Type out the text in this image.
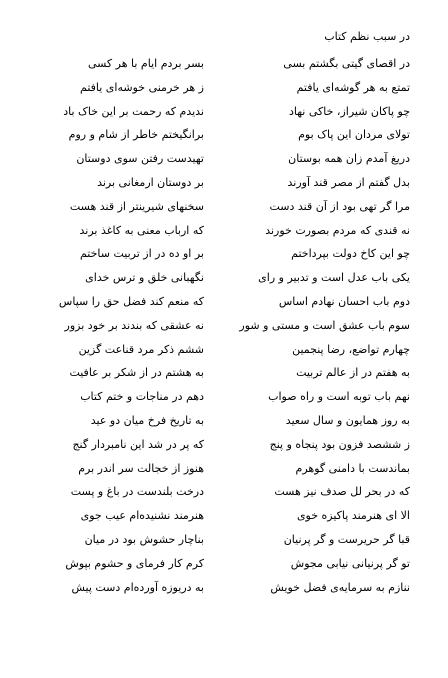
در سبب نظم کتاب
در اقصای گیتی بگشتم بسی
بسر بردم ایام با هر کسی
تمتع به هر گوشه‌ای یافتم
ز هر خرمنی خوشه‌ای یافتم
چو پاکان شیراز، خاکی نهاد
ندیدم که رحمت بر این خاک باد
تولای مردان این پاک بوم
برانگیختم خاطر از شام و روم
دریغ آمدم زان همه بوستان
تهیدست رفتن سوی دوستان
بدل گفتم از مصر قند آورند
بر دوستان ارمغانی برند
مرا گر تهی بود از آن قند دست
سخنهای شیرینتر از قند هست
نه قندی که مردم بصورت خورند
که ارباب معنی به کاغذ برند
چو این کاخ دولت بپرداختم
بر او ده در از تربیت ساختم
یکی باب عدل است و تدبیر و رای
نگهبانی خلق و ترس خدای
دوم باب احسان نهادم اساس
که منعم کند فضل حق را سپاس
سوم باب عشق است و مستی و شور
نه عشقی که بندند بر خود بزور
چهارم تواضع، رضا پنجمین
ششم ذکر مرد قناعت گزین
به هفتم در از عالم تربیت
به هشتم در از شکر بر عافیت
نهم باب توبه است و راه صواب
دهم در مناجات و ختم کتاب
به روز همایون و سال سعید
به تاریخ فرخ میان دو عید
ز ششصد فزون بود پنجاه و پنج
که پر در شد این نامبردار گنج
بماندست با دامنی گوهرم
هنوز از خجالت سر اندر برم
که در بحر لل صدف نیز هست
درخت بلندست در باغ و پست
الا ای هنرمند پاکیزه خوی
هنرمند نشنیده‌ام عیب جوی
قبا گر حریرست و گر پرنیان
بناچار حشوش بود در میان
تو گر پرنیانی نیابی مجوش
کرم کار فرمای و حشوم بپوش
ننازم به سرمایه‌ی فضل خویش
به دریوزه آورده‌ام دست پیش
